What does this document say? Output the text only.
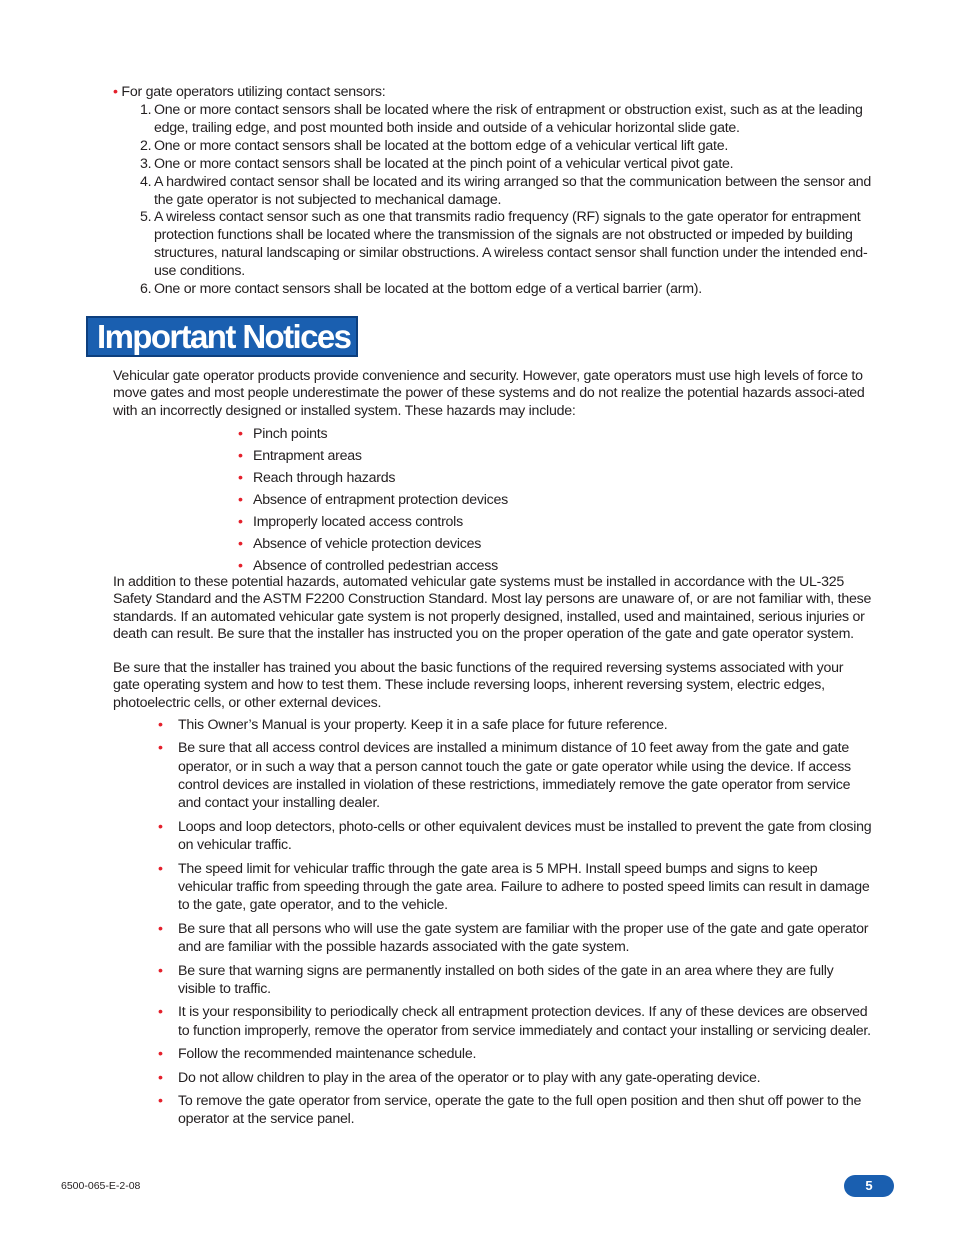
• For gate operators utilizing contact sensors:
1. One or more contact sensors shall be located where the risk of entrapment or obstruction exist, such as at the leading edge, trailing edge, and post mounted both inside and outside of a vehicular horizontal slide gate.
2. One or more contact sensors shall be located at the bottom edge of a vehicular vertical lift gate.
3. One or more contact sensors shall be located at the pinch point of a vehicular vertical pivot gate.
4. A hardwired contact sensor shall be located and its wiring arranged so that the communication between the sensor and the gate operator is not subjected to mechanical damage.
5. A wireless contact sensor such as one that transmits radio frequency (RF) signals to the gate operator for entrapment protection functions shall be located where the transmission of the signals are not obstructed or impeded by building structures, natural landscaping or similar obstructions. A wireless contact sensor shall function under the intended end-use conditions.
6. One or more contact sensors shall be located at the bottom edge of a vertical barrier (arm).
Important Notices

Vehicular gate operator products provide convenience and security. However, gate operators must use high levels of force to move gates and most people underestimate the power of these systems and do not realize the potential hazards associ-ated with an incorrectly designed or installed system. These hazards may include:

• Pinch points
• Entrapment areas
• Reach through hazards
• Absence of entrapment protection devices
• Improperly located access controls
• Absence of vehicle protection devices
• Absence of controlled pedestrian access

In addition to these potential hazards, automated vehicular gate systems must be installed in accordance with the UL-325 Safety Standard and the ASTM F2200 Construction Standard. Most lay persons are unaware of, or are not familiar with, these standards. If an automated vehicular gate system is not properly designed, installed, used and maintained, serious injuries or death can result. Be sure that the installer has instructed you on the proper operation of the gate and gate operator system.

Be sure that the installer has trained you about the basic functions of the required reversing systems associated with your gate operating system and how to test them. These include reversing loops, inherent reversing system, electric edges, photoelectric cells, or other external devices.

• This Owner’s Manual is your property. Keep it in a safe place for future reference.
• Be sure that all access control devices are installed a minimum distance of 10 feet away from the gate and gate operator, or in such a way that a person cannot touch the gate or gate operator while using the device. If access control devices are installed in violation of these restrictions, immediately remove the gate operator from service and contact your installing dealer.
• Loops and loop detectors, photo-cells or other equivalent devices must be installed to prevent the gate from closing on vehicular traffic.
• The speed limit for vehicular traffic through the gate area is 5 MPH. Install speed bumps and signs to keep vehicular traffic from speeding through the gate area. Failure to adhere to posted speed limits can result in damage to the gate, gate operator, and to the vehicle.
• Be sure that all persons who will use the gate system are familiar with the proper use of the gate and gate operator and are familiar with the possible hazards associated with the gate system.
• Be sure that warning signs are permanently installed on both sides of the gate in an area where they are fully visible to traffic.
• It is your responsibility to periodically check all entrapment protection devices. If any of these devices are observed to function improperly, remove the operator from service immediately and contact your installing or servicing dealer.
• Follow the recommended maintenance schedule.
• Do not allow children to play in the area of the operator or to play with any gate-operating device.
• To remove the gate operator from service, operate the gate to the full open position and then shut off power to the operator at the service panel.
6500-065-E-2-08	5
